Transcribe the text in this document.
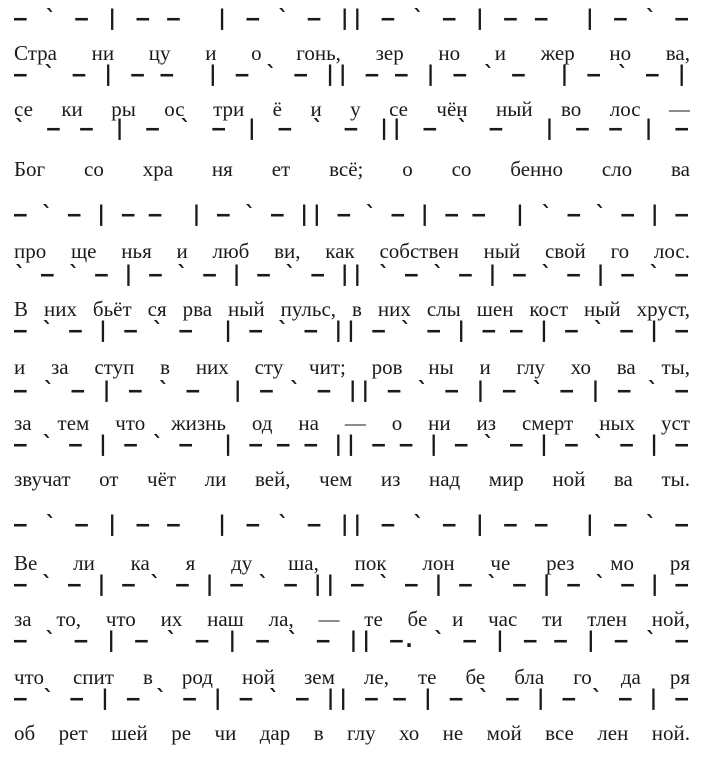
— ` — | — —  | — ` — || — ` — | — —  | — ` —
Стра ни цу и о гонь, зер но и жер но ва,
— ` — | — —  | — ` — || — — | — ` —  | — ` — |
се ки ры ос три ё и у се чён ный во лос —
` — — | — ` — | — ` — || — ` —  | — — | —
Бог со хра ня ет всё; о со бенно сло ва
— ` — | — —  | — ` — || — ` — | — —  | ` — ` — | —
про ще нья и люб ви, как собствен ный свой го лос.
` — ` — | — ` — | — ` — || ` — ` — | — ` — | — ` —
В них бьёт ся рва ный пульс, в них слы шен кост ный хруст,
— ` — | — ` —  | — ` — || — ` — | — — | — ` — | —
и за ступ в них сту чит; ров ны и глу хо ва ты,
— ` — | — ` —  | — ` — || — ` — | — ` — | — ` —
за тем что жизнь од на — о ни из смерт ных уст
— ` — | — ` —  | — — — || — — | — ` — | — ` — | —
звучат от чёт ли вей, чем из над мир ной ва ты.
— ` — | — —  | — ` — || — ` — | — —  | — ` —
Ве ли ка я ду ша, пок лон че рез мо ря
— ` — | — ` — | — ` — || — ` — | — ` — | — ` — | —
за то, что их наш ла, — те бе и час ти тлен ной,
— ` — | — ` — | — ` — || —. ` — | — — | — ` —
что спит в род ной зем ле, те бе бла го да ря
— ` — | — ` — | — ` — || — — | — ` — | — ` — | —
об рет шей ре чи дар в глу хо не мой все лен ной.
